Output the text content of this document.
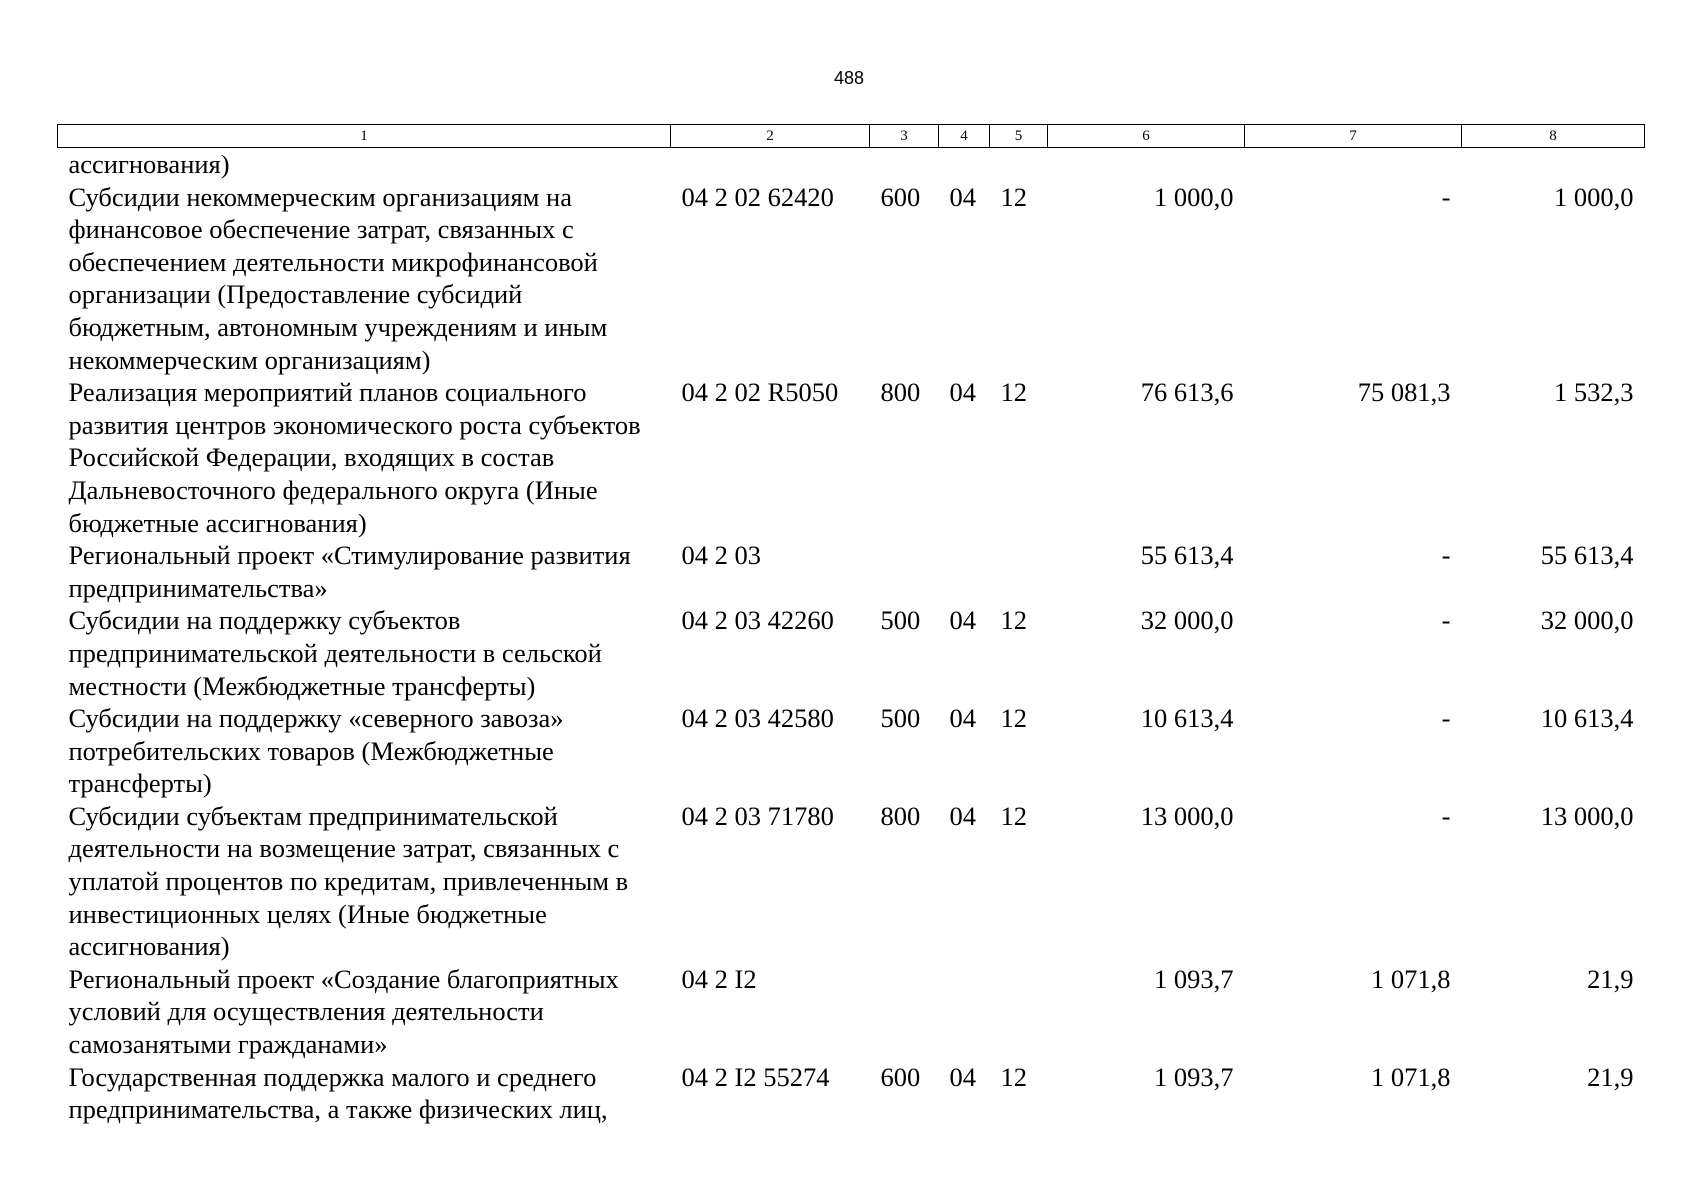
488
1	2	3	4	5	6	7	8
ассигнования)							
Субсидии некоммерческим организациям на финансовое обеспечение затрат, связанных с обеспечением деятельности микрофинансовой организации (Предоставление субсидий бюджетным, автономным учреждениям и иным некоммерческим организациям)	04 2 02 62420	600	04	12	1 000,0	-	1 000,0
Реализация мероприятий планов социального развития центров экономического роста субъектов Российской Федерации, входящих в состав Дальневосточного федерального округа (Иные бюджетные ассигнования)	04 2 02 R5050	800	04	12	76 613,6	75 081,3	1 532,3
Региональный проект «Стимулирование развития предпринимательства»	04 2 03				55 613,4	-	55 613,4
Субсидии на поддержку субъектов предпринимательской деятельности в сельской местности (Межбюджетные трансферты)	04 2 03 42260	500	04	12	32 000,0	-	32 000,0
Субсидии на поддержку «северного завоза» потребительских товаров (Межбюджетные трансферты)	04 2 03 42580	500	04	12	10 613,4	-	10 613,4
Субсидии субъектам предпринимательской деятельности на возмещение затрат, связанных с уплатой процентов по кредитам, привлеченным в инвестиционных целях (Иные бюджетные ассигнования)	04 2 03 71780	800	04	12	13 000,0	-	13 000,0
Региональный проект «Создание благоприятных условий для осуществления деятельности самозанятыми гражданами»	04 2 I2				1 093,7	1 071,8	21,9
Государственная поддержка малого и среднего предпринимательства, а также физических лиц,	04 2 I2 55274	600	04	12	1 093,7	1 071,8	21,9
